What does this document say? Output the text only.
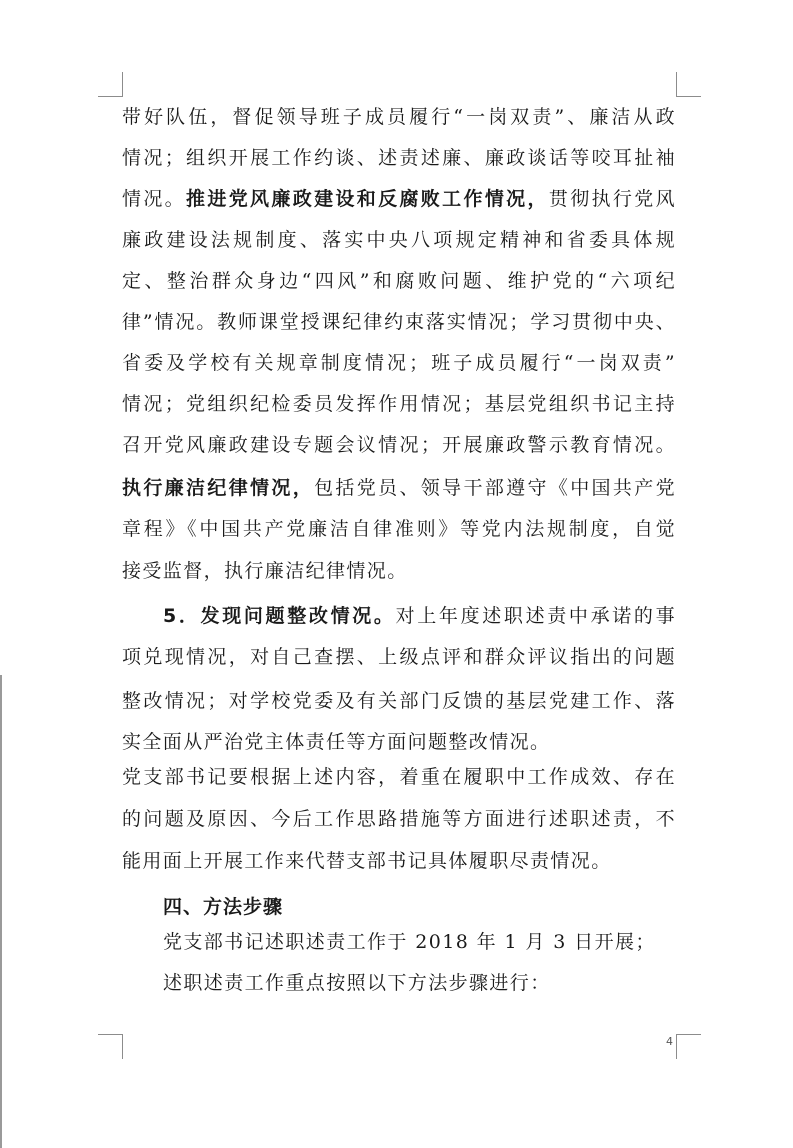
带好队伍，督促领导班子成员履行“一岗双责”、廉洁从政
情况；组织开展工作约谈、述责述廉、廉政谈话等咬耳扯袖
情况。推进党风廉政建设和反腐败工作情况，贯彻执行党风
廉政建设法规制度、落实中央八项规定精神和省委具体规
定、整治群众身边“四风”和腐败问题、维护党的“六项纪
律”情况。教师课堂授课纪律约束落实情况；学习贯彻中央、
省委及学校有关规章制度情况；班子成员履行“一岗双责”
情况；党组织纪检委员发挥作用情况；基层党组织书记主持
召开党风廉政建设专题会议情况；开展廉政警示教育情况。
执行廉洁纪律情况，包括党员、领导干部遵守《中国共产党
章程》《中国共产党廉洁自律准则》等党内法规制度，自觉
接受监督，执行廉洁纪律情况。
5．发现问题整改情况。对上年度述职述责中承诺的事
项兑现情况，对自己查摆、上级点评和群众评议指出的问题
整改情况；对学校党委及有关部门反馈的基层党建工作、落
实全面从严治党主体责任等方面问题整改情况。
党支部书记要根据上述内容，着重在履职中工作成效、存在
的问题及原因、今后工作思路措施等方面进行述职述责，不
能用面上开展工作来代替支部书记具体履职尽责情况。
四、方法步骤
党支部书记述职述责工作于 2018 年 1 月 3 日开展；
述职述责工作重点按照以下方法步骤进行：
4
